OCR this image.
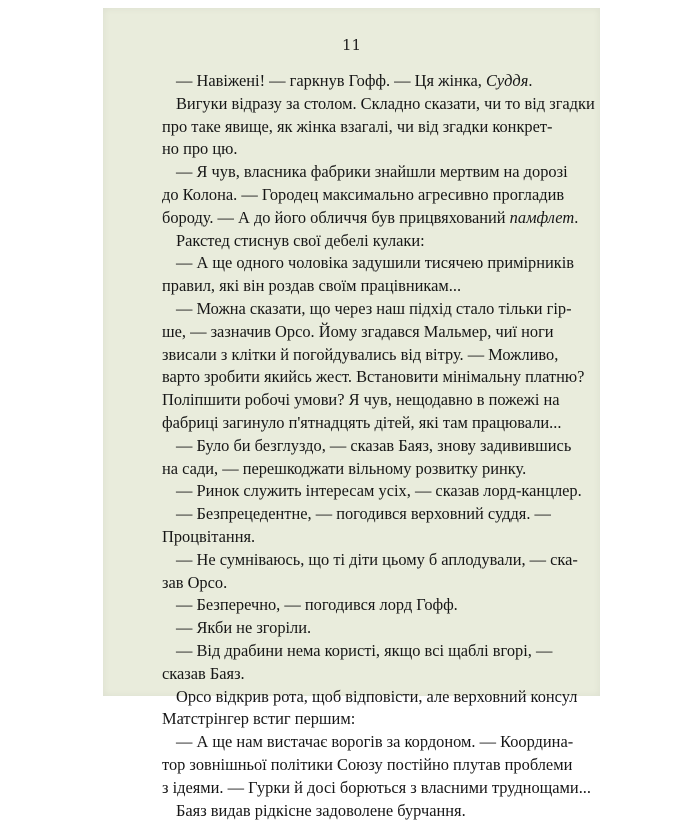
11
— Навіжені! — гаркнув Гофф. — Ця жінка, Суддя.
Вигуки відразу за столом. Складно сказати, чи то від згадки
про таке явище, як жінка взагалі, чи від згадки конкрет-
но про цю.
— Я чув, власника фабрики знайшли мертвим на дорозі
до Колона. — Городец максимально агресивно прогладив
бороду. — А до його обличчя був прицвяхований памфлет.
Ракстед стиснув свої дебелі кулаки:
— А ще одного чоловіка задушили тисячею примірників
правил, які він роздав своїм працівникам...
— Можна сказати, що через наш підхід стало тільки гір-
ше, — зазначив Орсо. Йому згадався Мальмер, чиї ноги
звисали з клітки й погойдувались від вітру. — Можливо,
варто зробити якийсь жест. Встановити мінімальну платню?
Поліпшити робочі умови? Я чув, нещодавно в пожежі на
фабриці загинуло п'ятнадцять дітей, які там працювали...
— Було би безглуздо, — сказав Баяз, знову задивившись
на сади, — перешкоджати вільному розвитку ринку.
— Ринок служить інтересам усіх, — сказав лорд-канцлер.
— Безпрецедентне, — погодився верховний суддя. —
Процвітання.
— Не сумніваюсь, що ті діти цьому б аплодували, — ска-
зав Орсо.
— Безперечно, — погодився лорд Гофф.
— Якби не згоріли.
— Від драбини нема користі, якщо всі щаблі вгорі, —
сказав Баяз.
Орсо відкрив рота, щоб відповісти, але верховний консул
Матстрінгер встиг першим:
— А ще нам вистачає ворогів за кордоном. — Координа-
тор зовнішньої політики Союзу постійно плутав проблеми
з ідеями. — Гурки й досі борються з власними труднощами...
Баяз видав рідкісне задоволене бурчання.
